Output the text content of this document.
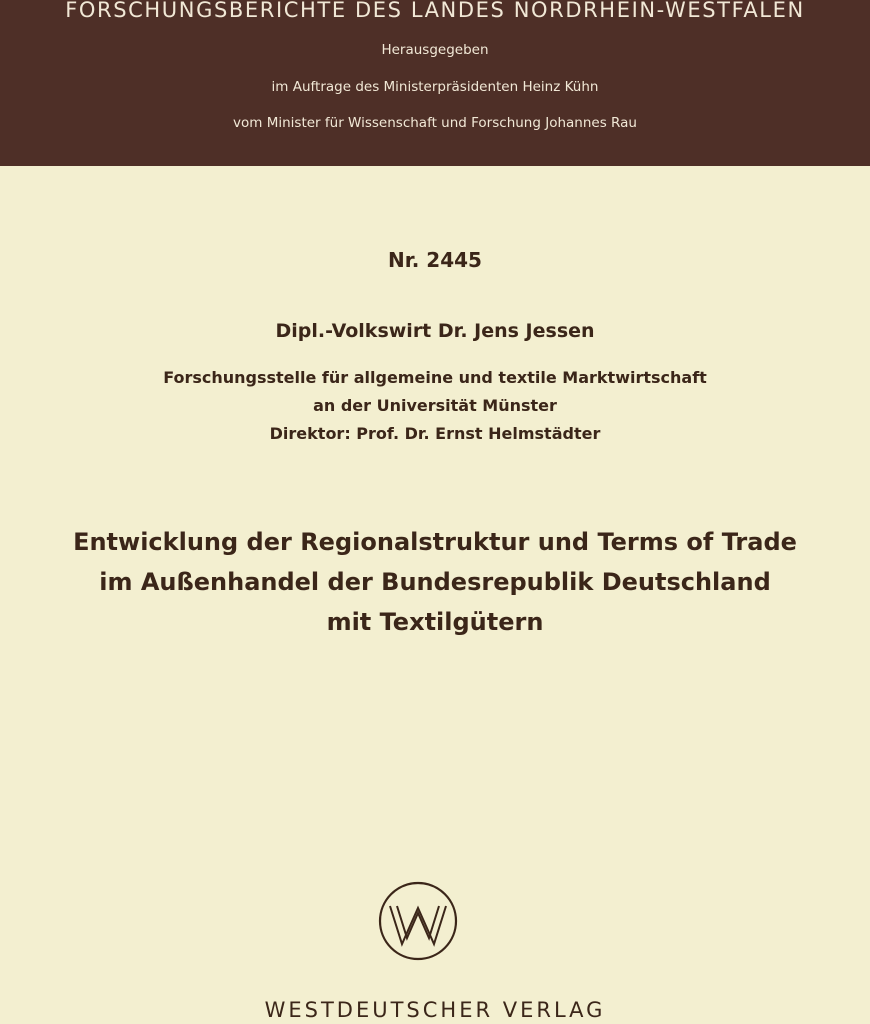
FORSCHUNGSBERICHTE DES LANDES NORDRHEIN-WESTFALEN
Herausgegeben
im Auftrage des Ministerpräsidenten Heinz Kühn
vom Minister für Wissenschaft und Forschung Johannes Rau
Nr. 2445
Dipl.-Volkswirt Dr. Jens Jessen
Forschungsstelle für allgemeine und textile Marktwirtschaft
an der Universität Münster
Direktor: Prof. Dr. Ernst Helmstädter
Entwicklung der Regionalstruktur und Terms of Trade
im Außenhandel der Bundesrepublik Deutschland
mit Textilgütern
WESTDEUTSCHER VERLAG
